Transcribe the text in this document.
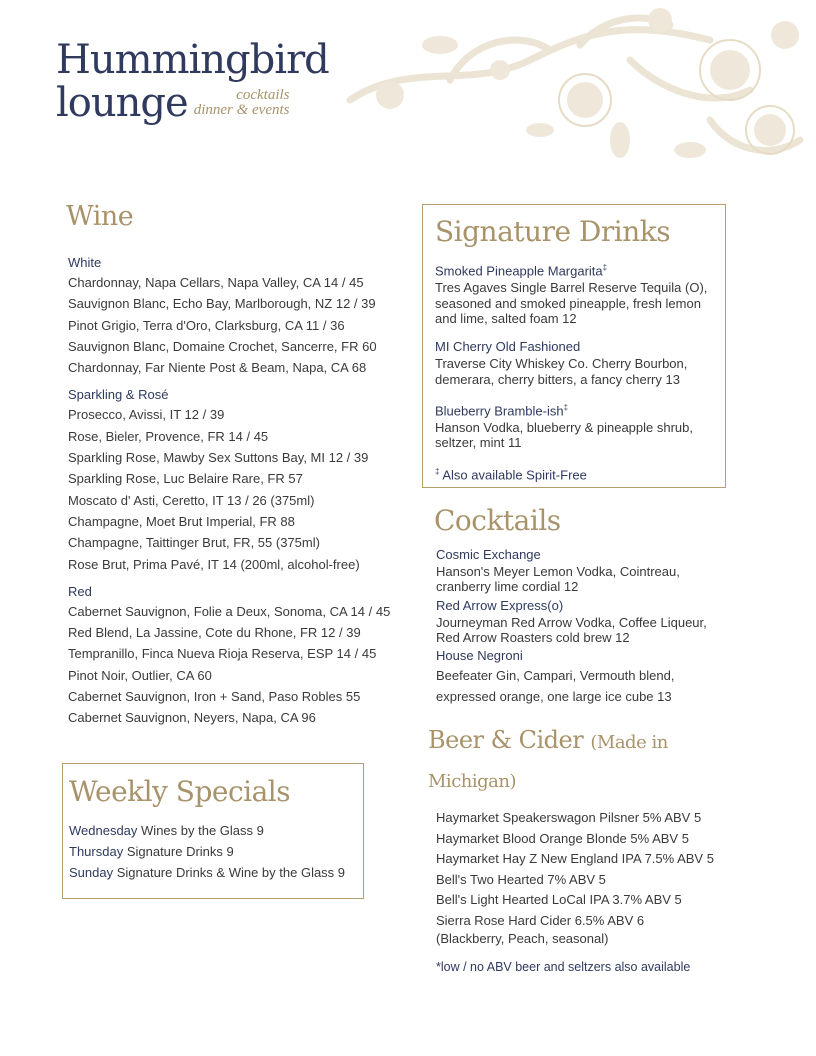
Hummingbird
lounge	cocktails
dinner & events
Wine
White
Chardonnay, Napa Cellars, Napa Valley, CA 14 / 45
Sauvignon Blanc, Echo Bay, Marlborough, NZ 12 / 39
Pinot Grigio, Terra d'Oro, Clarksburg, CA 11 / 36
Sauvignon Blanc, Domaine Crochet, Sancerre, FR 60
Chardonnay, Far Niente Post & Beam, Napa, CA 68
Sparkling & Rosé
Prosecco, Avissi, IT 12 / 39
Rose, Bieler, Provence, FR 14 / 45
Sparkling Rose, Mawby Sex Suttons Bay, MI 12 / 39
Sparkling Rose, Luc Belaire Rare, FR 57
Moscato d' Asti, Ceretto, IT 13 / 26 (375ml)
Champagne, Moet Brut Imperial, FR 88
Champagne, Taittinger Brut, FR, 55 (375ml)
Rose Brut, Prima Pavé, IT 14 (200ml, alcohol-free)
Red
Cabernet Sauvignon, Folie a Deux, Sonoma, CA 14 / 45
Red Blend, La Jassine, Cote du Rhone, FR 12 / 39
Tempranillo, Finca Nueva Rioja Reserva, ESP 14 / 45
Pinot Noir, Outlier, CA 60
Cabernet Sauvignon, Iron + Sand, Paso Robles 55
Cabernet Sauvignon, Neyers, Napa, CA 96
Weekly Specials
Wednesday Wines by the Glass 9
Thursday Signature Drinks 9
Sunday Signature Drinks & Wine by the Glass 9
Signature Drinks
Smoked Pineapple Margarita‡
Tres Agaves Single Barrel Reserve Tequila (O), seasoned and smoked pineapple, fresh lemon and lime, salted foam 12
MI Cherry Old Fashioned
Traverse City Whiskey Co. Cherry Bourbon, demerara, cherry bitters, a fancy cherry 13
Blueberry Bramble-ish‡
Hanson Vodka, blueberry & pineapple shrub, seltzer, mint 11
‡ Also available Spirit-Free
Cocktails
Cosmic Exchange
Hanson's Meyer Lemon Vodka, Cointreau, cranberry lime cordial 12
Red Arrow Express(o)
Journeyman Red Arrow Vodka, Coffee Liqueur, Red Arrow Roasters cold brew 12
House Negroni
Beefeater Gin, Campari, Vermouth blend,
expressed orange, one large ice cube 13
Beer & Cider (Made in Michigan)
Haymarket Speakerswagon Pilsner 5% ABV 5
Haymarket Blood Orange Blonde 5% ABV 5
Haymarket Hay Z New England IPA 7.5% ABV 5
Bell's Two Hearted 7% ABV 5
Bell's Light Hearted LoCal IPA 3.7% ABV 5
Sierra Rose Hard Cider 6.5% ABV 6
(Blackberry, Peach, seasonal)
*low / no ABV beer and seltzers also available
